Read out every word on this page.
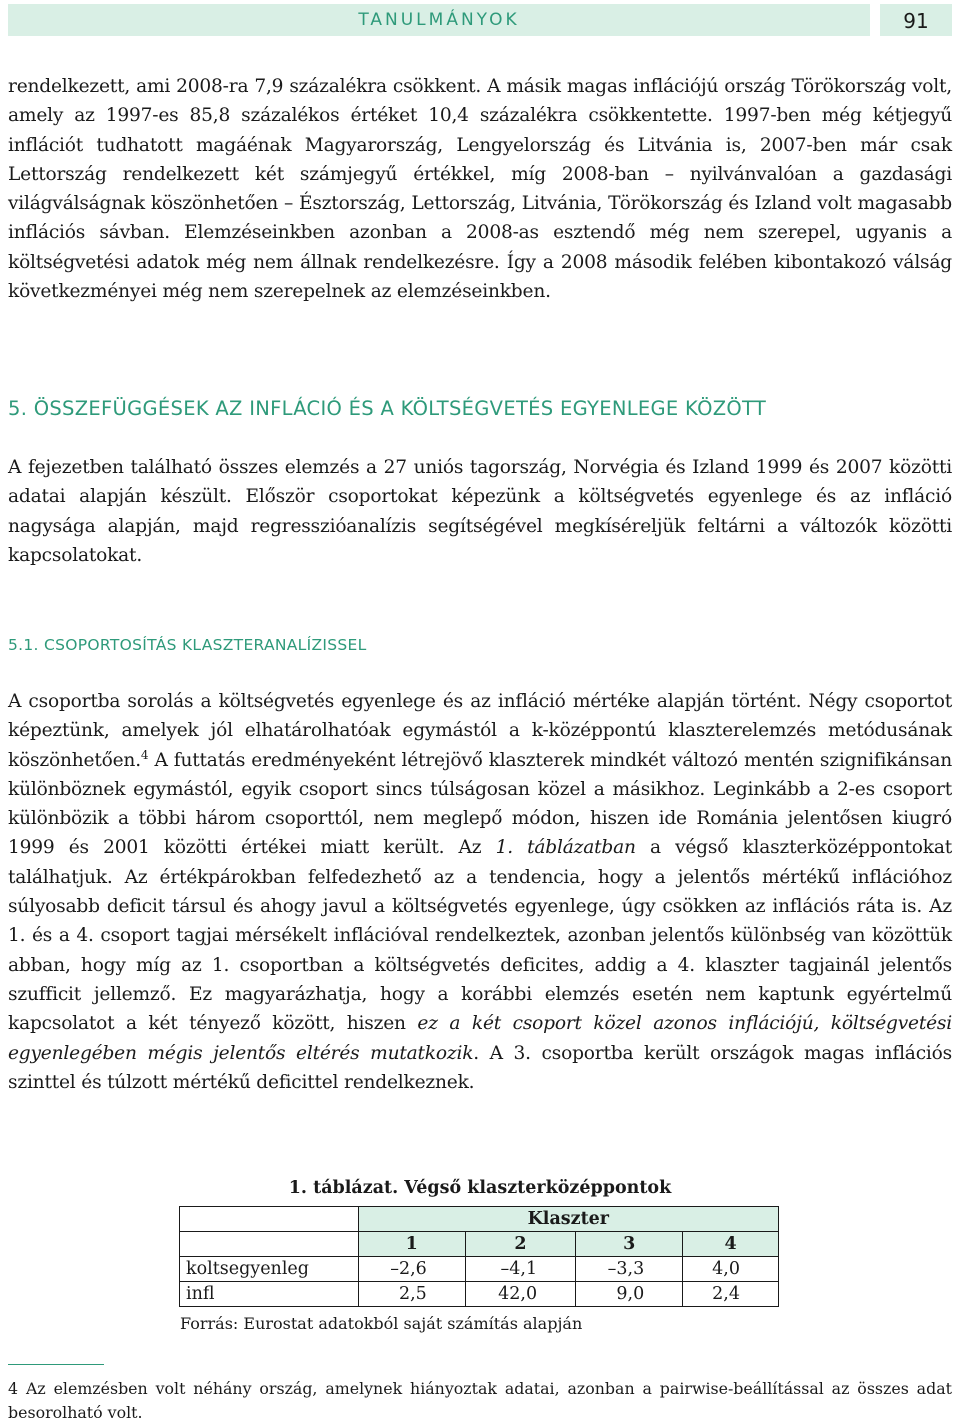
TANULMÁNYOK	91

rendelkezett, ami 2008-ra 7,9 százalékra csökkent. A másik magas inflációjú ország Törökország volt, amely az 1997-es 85,8 százalékos értéket 10,4 százalékra csökkentette. 1997-ben még kétjegyű inflációt tudhatott magáénak Magyarország, Lengyelország és Litvánia is, 2007-ben már csak Lettország rendelkezett két számjegyű értékkel, míg 2008-ban – nyilvánvalóan a gazdasági világválságnak köszönhetően – Észtország, Lettország, Litvánia, Törökország és Izland volt magasabb inflációs sávban. Elemzéseinkben azonban a 2008-as esztendő még nem szerepel, ugyanis a költségvetési adatok még nem állnak rendelkezésre. Így a 2008 második felében kibontakozó válság következményei még nem szerepelnek az elemzéseinkben.

5. ÖSSZEFÜGGÉSEK AZ INFLÁCIÓ ÉS A KÖLTSÉGVETÉS EGYENLEGE KÖZÖTT

A fejezetben található összes elemzés a 27 uniós tagország, Norvégia és Izland 1999 és 2007 közötti adatai alapján készült. Először csoportokat képezünk a költségvetés egyenlege és az infláció nagysága alapján, majd regresszióanalízis segítségével megkíséreljük feltárni a változók közötti kapcsolatokat.

5.1. CSOPORTOSÍTÁS KLASZTERANALÍZISSEL

A csoportba sorolás a költségvetés egyenlege és az infláció mértéke alapján történt. Négy csoportot képeztünk, amelyek jól elhatárolhatóak egymástól a k-középpontú klaszterelemzés metódusának köszönhetően.$^4$ A futtatás eredményeként létrejövő klaszterek mindkét változó mentén szignifikánsan különböznek egymástól, egyik csoport sincs túlságosan közel a másikhoz. Leginkább a 2-es csoport különbözik a többi három csoporttól, nem meglepő módon, hiszen ide Románia jelentősen kiugró 1999 és 2001 közötti értékei miatt került. Az 1. táblázatban a végső klaszterközéppontokat találhatjuk. Az értékpárokban felfedezhető az a tendencia, hogy a jelentős mértékű inflációhoz súlyosabb deficit társul és ahogy javul a költségvetés egyenlege, úgy csökken az inflációs ráta is. Az 1. és a 4. csoport tagjai mérsékelt inflációval rendelkeztek, azonban jelentős különbség van közöttük abban, hogy míg az 1. csoportban a költségvetés deficites, addig a 4. klaszter tagjainál jelentős szufficit jellemző. Ez magyarázhatja, hogy a korábbi elemzés esetén nem kaptunk egyértelmű kapcsolatot a két tényező között, hiszen ez a két csoport közel azonos inflációjú, költségvetési egyenlegében mégis jelentős eltérés mutatkozik. A 3. csoportba került országok magas inflációs szinttel és túlzott mértékű deficittel rendelkeznek.

1. táblázat. Végső klaszterközéppontok
	Klaszter			
	1	2	3	4
koltsegyenleg	–2,6	–4,1	–3,3	4,0
infl	2,5	42,0	9,0	2,4
Forrás: Eurostat adatokból saját számítás alapján

4 Az elemzésben volt néhány ország, amelynek hiányoztak adatai, azonban a pairwise-beállítással az összes adat besorolható volt.
